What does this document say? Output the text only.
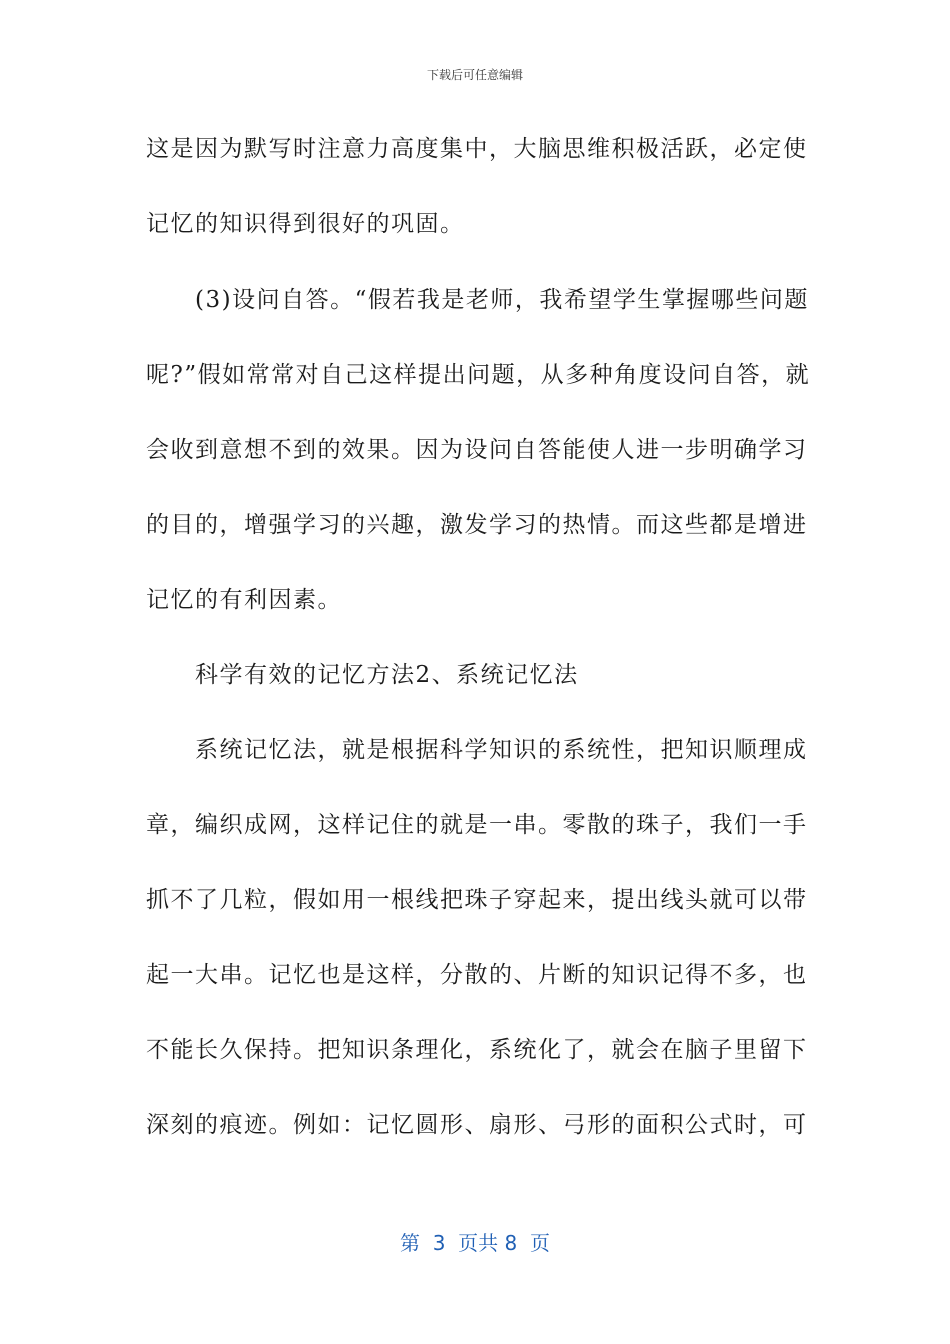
下载后可任意编辑
这是因为默写时注意力高度集中，大脑思维积极活跃，必定使
记忆的知识得到很好的巩固。
　　(3)设问自答。“假若我是老师，我希望学生掌握哪些问题
呢?”假如常常对自己这样提出问题，从多种角度设问自答，就
会收到意想不到的效果。因为设问自答能使人进一步明确学习
的目的，增强学习的兴趣，激发学习的热情。而这些都是增进
记忆的有利因素。
　　科学有效的记忆方法2、系统记忆法
　　系统记忆法，就是根据科学知识的系统性，把知识顺理成
章，编织成网，这样记住的就是一串。零散的珠子，我们一手
抓不了几粒，假如用一根线把珠子穿起来，提出线头就可以带
起一大串。记忆也是这样，分散的、片断的知识记得不多，也
不能长久保持。把知识条理化，系统化了，就会在脑子里留下
深刻的痕迹。例如：记忆圆形、扇形、弓形的面积公式时，可
第  3  页共 8  页
